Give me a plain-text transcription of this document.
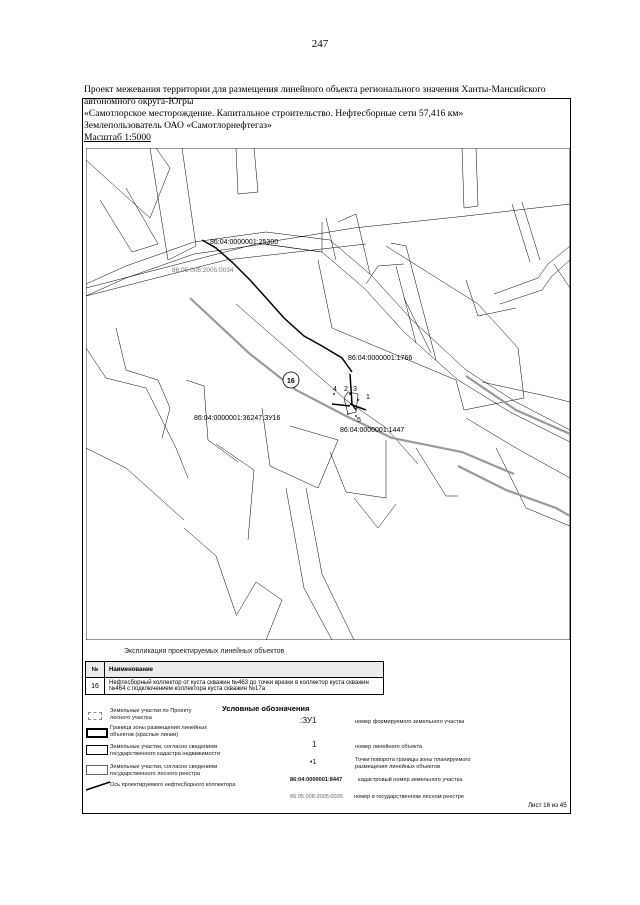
247
Проект межевания территории для размещения линейного объекта регионального значения Ханты-Мансийского
автономного округа-Югры
«Самотлорское месторождение. Капитальное строительство. Нефтесборные сети 57,416 км»
Землепользователь ОАО «Самотлорнефтегаз»
Масштаб 1:5000
16
86:04:0000001:25300
86:04:0000001:1766
86:04:0000001:36247:ЗУ16
86:04:0000001:1447
86:05:008:2005:0034
1
2 3
4
5
Экспликация проектируемых линейных объектов
№	Наименование
16	Нефтесборный коллектор от куста скважин №463 до точки врезки в коллектор куста скважин №464 с подключением коллектора куста скважин №17а
Условные обозначения
Земельные участки по Проекту лесного участка
Граница зоны размещения линейных объектов (красные линии)
Земельные участки, согласно сведениям государственного кадастра недвижимости
Земельные участки, согласно сведениям государственного лесного реестра
Ось проектируемого нефтесборного коллектора
:ЗУ1	номер формируемого земельного участка
1	номер линейного объекта
•1	Точки поворота границы зоны планируемого размещения линейных объектов
86:04:0000001:8447	кадастровый номер земельного участка
86:05:008:2005:0035 номер в государственном лесном реестре
Лист 16 из 45
